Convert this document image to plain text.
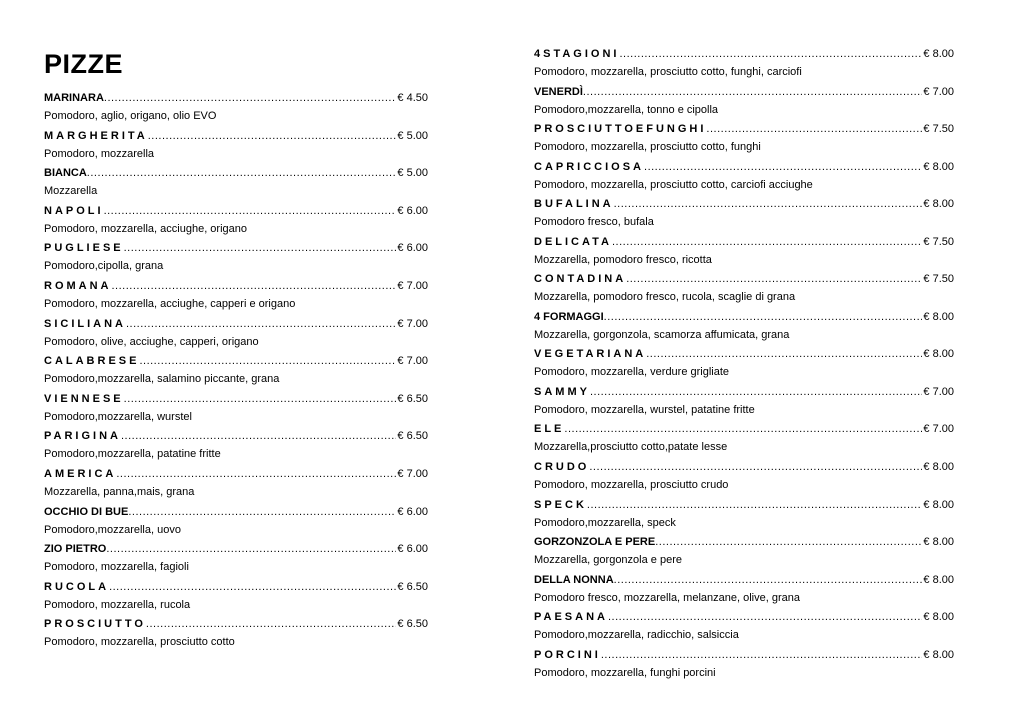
PIZZE
MARINARA .....	€ 4.50
Pomodoro, aglio, origano, olio EVO
MARGHERITA .....	€ 5.00
Pomodoro, mozzarella
BIANCA .....	€ 5.00
Mozzarella
NAPOLI .....	€ 6.00
Pomodoro, mozzarella, acciughe, origano
PUGLIESE .....	€ 6.00
Pomodoro,cipolla, grana
ROMANA .....	€ 7.00
Pomodoro, mozzarella, acciughe, capperi e origano
SICILIANA .....	€ 7.00
Pomodoro, olive, acciughe, capperi, origano
CALABRESE .....	€ 7.00
Pomodoro,mozzarella, salamino piccante, grana
VIENNESE .....	€ 6.50
Pomodoro,mozzarella, wurstel
PARIGINA .....	€ 6.50
Pomodoro,mozzarella, patatine fritte
AMERICA .....	€ 7.00
Mozzarella, panna,mais, grana
OCCHIO DI BUE .....	€ 6.00
Pomodoro,mozzarella, uovo
ZIO PIETRO .....	€ 6.00
Pomodoro, mozzarella, fagioli
RUCOLA .....	€ 6.50
Pomodoro, mozzarella, rucola
PROSCIUTTO .....	€ 6.50
Pomodoro, mozzarella, prosciutto cotto
4STAGIONI .....	€ 8.00
Pomodoro, mozzarella, prosciutto cotto, funghi, carciofi
VENERDÌ .....	€ 7.00
Pomodoro,mozzarella, tonno e cipolla
PROSCIUTTOEFUNGHI .....	€ 7.50
Pomodoro, mozzarella, prosciutto cotto, funghi
CAPRICCIOSA .....	€ 8.00
Pomodoro, mozzarella, prosciutto cotto, carciofi acciughe
BUFALINA .....	€ 8.00
Pomodoro fresco, bufala
DELICATA .....	€ 7.50
Mozzarella, pomodoro fresco, ricotta
CONTADINA .....	€ 7.50
Mozzarella, pomodoro fresco, rucola, scaglie di grana
4 FORMAGGI .....	€ 8.00
Mozzarella, gorgonzola, scamorza affumicata, grana
VEGETARIANA .....	€ 8.00
Pomodoro, mozzarella, verdure grigliate
SAMMY .....	€ 7.00
Pomodoro, mozzarella, wurstel, patatine fritte
ELE .....	€ 7.00
Mozzarella,prosciutto cotto,patate lesse
CRUDO .....	€ 8.00
Pomodoro, mozzarella, prosciutto crudo
SPECK .....	€ 8.00
Pomodoro,mozzarella, speck
GORZONZOLA E PERE .....	€ 8.00
Mozzarella, gorgonzola e pere
DELLA NONNA .....	€ 8.00
Pomodoro fresco, mozzarella, melanzane, olive, grana
PAESANA .....	€ 8.00
Pomodoro,mozzarella, radicchio, salsiccia
PORCINI .....	€ 8.00
Pomodoro, mozzarella, funghi porcini
